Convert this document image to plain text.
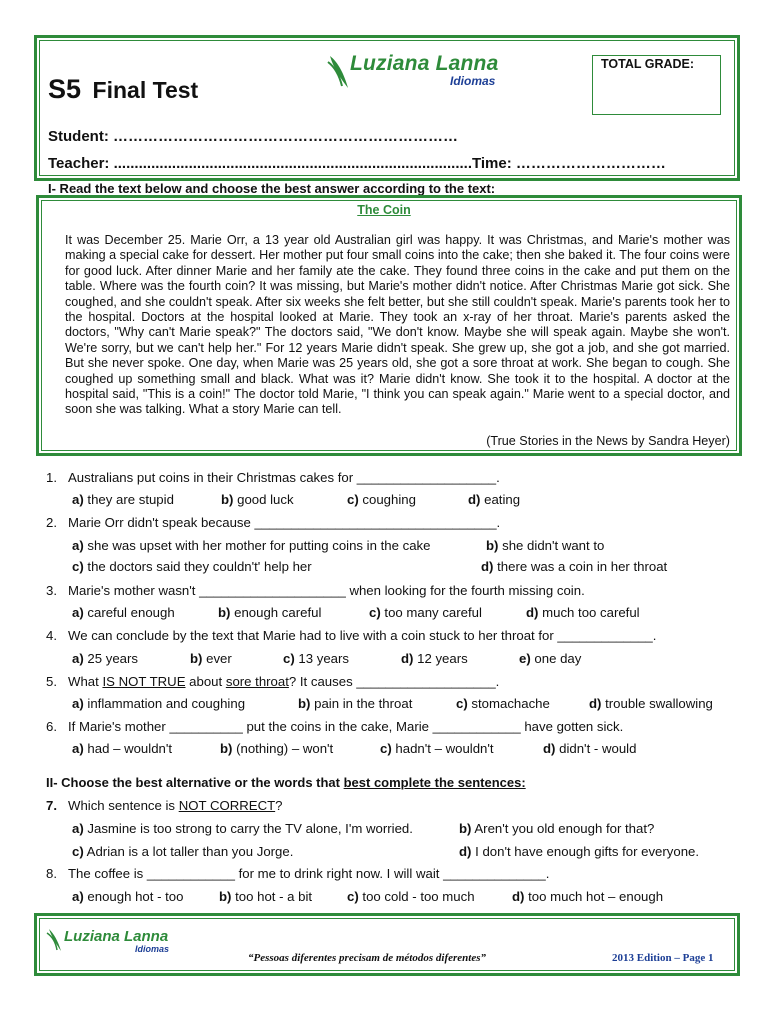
S5 Final Test
Luziana Lanna
Idiomas
TOTAL GRADE:
Student: ……………………………………………………………
Teacher: ......................................................................................Time: …………………………
I- Read the text below and choose the best answer according to the text:
The Coin
It was December 25. Marie Orr, a 13 year old Australian girl was happy. It was Christmas, and Marie's mother was making a special cake for dessert. Her mother put four small coins into the cake; then she baked it. The four coins were for good luck. After dinner Marie and her family ate the cake. They found three coins in the cake and put them on the table. Where was the fourth coin? It was missing, but Marie's mother didn't notice. After Christmas Marie got sick. She coughed, and she couldn't speak. After six weeks she felt better, but she still couldn't speak. Marie's parents took her to the hospital. Doctors at the hospital looked at Marie. They took an x-ray of her throat. Marie's parents asked the doctors, "Why can't Marie speak?" The doctors said, "We don't know. Maybe she will speak again. Maybe she won't. We're sorry, but we can't help her." For 12 years Marie didn't speak. She grew up, she got a job, and she got married. But she never spoke. One day, when Marie was 25 years old, she got a sore throat at work. She began to cough. She coughed up something small and black. What was it? Marie didn't know. She took it to the hospital. A doctor at the hospital said, "This is a coin!" The doctor told Marie, "I think you can speak again." Marie went to a special doctor, and soon she was talking. What a story Marie can tell.
(True Stories in the News by Sandra Heyer)
1. Australians put coins in their Christmas cakes for ___________________.
a) they are stupid	b) good luck	c) coughing	d) eating
2. Marie Orr didn't speak because _________________________________.
a) she was upset with her mother for putting coins in the cake	b) she didn't want to
c) the doctors said they couldn't' help her	d) there was a coin in her throat
3. Marie's mother wasn't ____________________ when looking for the fourth missing coin.
a) careful enough	b) enough careful	c) too many careful	d) much too careful
4. We can conclude by the text that Marie had to live with a coin stuck to her throat for _____________.
a) 25 years	b) ever	c) 13 years	d) 12 years	e) one day
5. What IS NOT TRUE about sore throat? It causes ___________________.
a) inflammation and coughing	b) pain in the throat	c) stomachache	d) trouble swallowing
6. If Marie's mother __________ put the coins in the cake, Marie ____________ have gotten sick.
a) had – wouldn't	b) (nothing) – won't	c) hadn't – wouldn't	d) didn't - would
II- Choose the best alternative or the words that best complete the sentences:
7. Which sentence is NOT CORRECT?
a) Jasmine is too strong to carry the TV alone, I'm worried.	b) Aren't you old enough for that?
c) Adrian is a lot taller than you Jorge.	d) I don't have enough gifts for everyone.
8. The coffee is ____________ for me to drink right now. I will wait ______________.
a) enough hot - too	b) too hot - a bit	c) too cold - too much	d) too much hot – enough
Luziana Lanna
Idiomas
“Pessoas diferentes precisam de métodos diferentes”	2013 Edition – Page 1
